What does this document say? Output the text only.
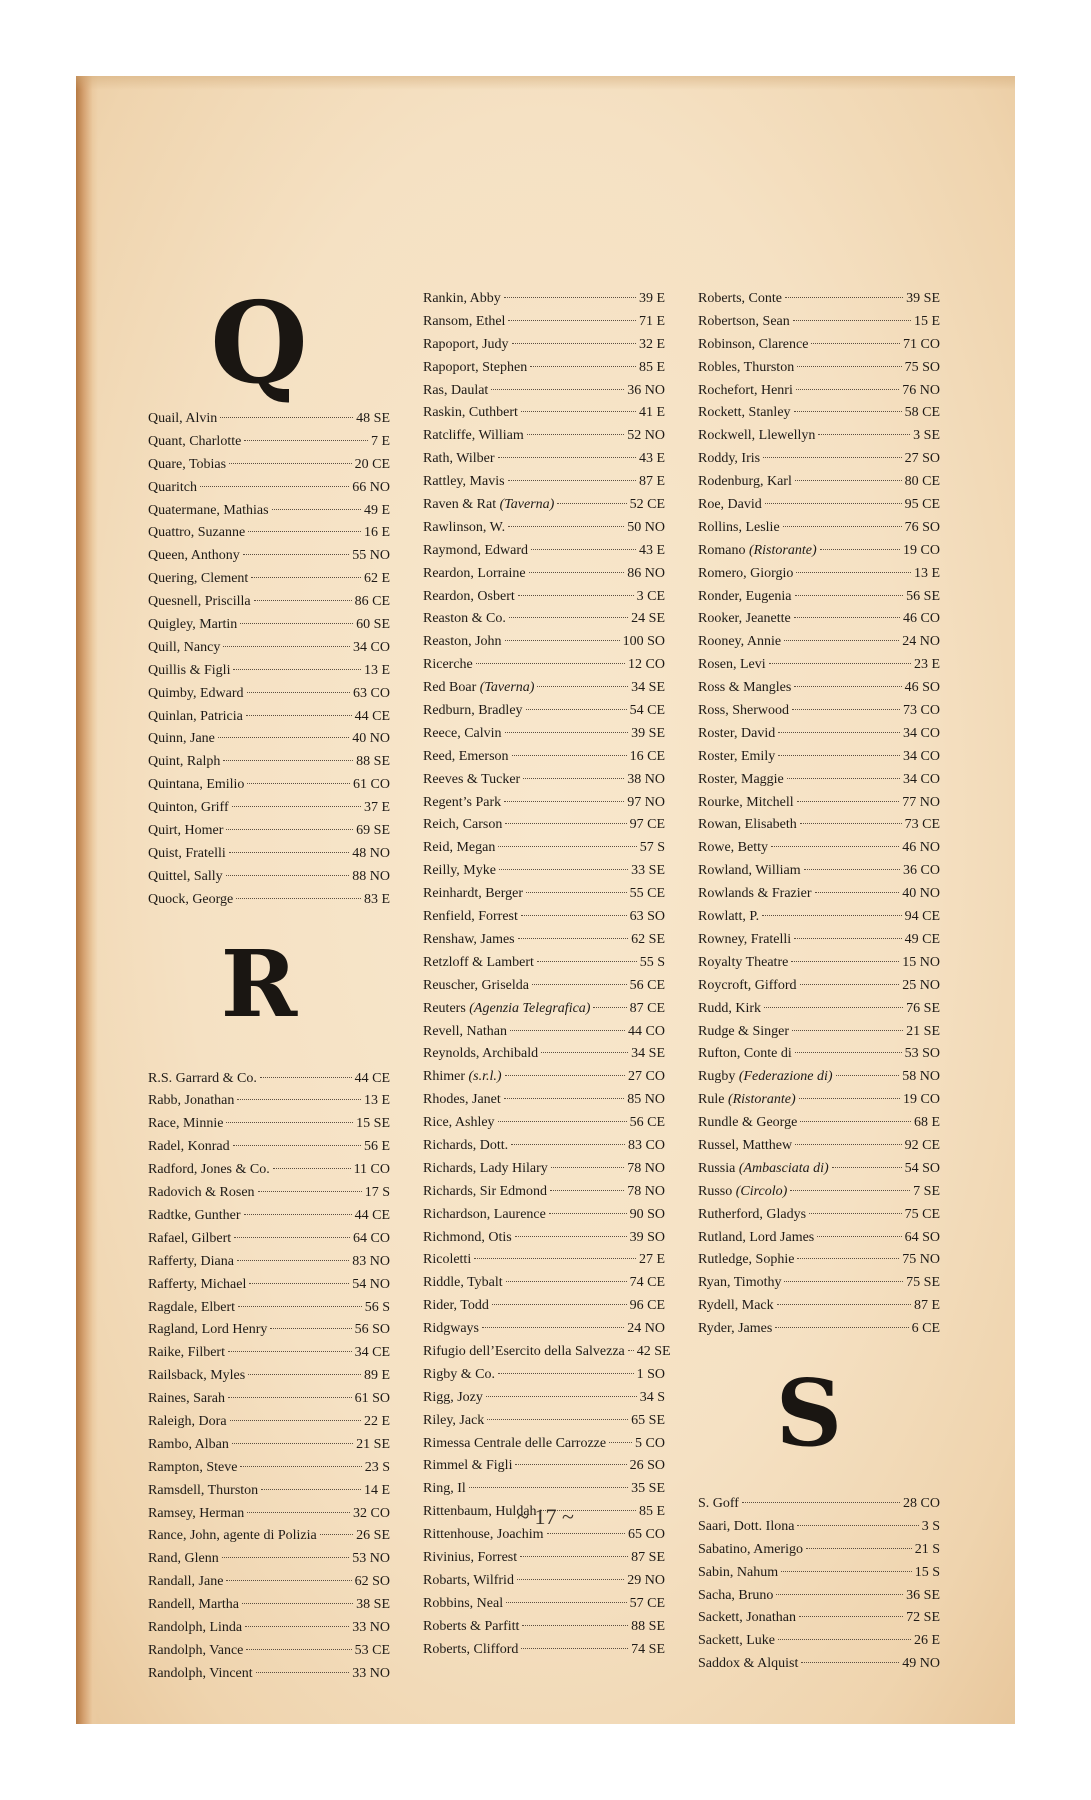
Q
Quail, Alvin	48 SE
Quant, Charlotte	7 E
Quare, Tobias	20 CE
Quaritch	66 NO
Quatermane, Mathias	49 E
Quattro, Suzanne	16 E
Queen, Anthony	55 NO
Quering, Clement	62 E
Quesnell, Priscilla	86 CE
Quigley, Martin	60 SE
Quill, Nancy	34 CO
Quillis & Figli	13 E
Quimby, Edward	63 CO
Quinlan, Patricia	44 CE
Quinn, Jane	40 NO
Quint, Ralph	88 SE
Quintana, Emilio	61 CO
Quinton, Griff	37 E
Quirt, Homer	69 SE
Quist, Fratelli	48 NO
Quittel, Sally	88 NO
Quock, George	83 E
R
R.S. Garrard & Co.	44 CE
Rabb, Jonathan	13 E
Race, Minnie	15 SE
Radel, Konrad	56 E
Radford, Jones & Co.	11 CO
Radovich & Rosen	17 S
Radtke, Gunther	44 CE
Rafael, Gilbert	64 CO
Rafferty, Diana	83 NO
Rafferty, Michael	54 NO
Ragdale, Elbert	56 S
Ragland, Lord Henry	56 SO
Raike, Filbert	34 CE
Railsback, Myles	89 E
Raines, Sarah	61 SO
Raleigh, Dora	22 E
Rambo, Alban	21 SE
Rampton, Steve	23 S
Ramsdell, Thurston	14 E
Ramsey, Herman	32 CO
Rance, John, agente di Polizia	26 SE
Rand, Glenn	53 NO
Randall, Jane	62 SO
Randell, Martha	38 SE
Randolph, Linda	33 NO
Randolph, Vance	53 CE
Randolph, Vincent	33 NO
Rankin, Abby	39 E
Ransom, Ethel	71 E
Rapoport, Judy	32 E
Rapoport, Stephen	85 E
Ras, Daulat	36 NO
Raskin, Cuthbert	41 E
Ratcliffe, William	52 NO
Rath, Wilber	43 E
Rattley, Mavis	87 E
Raven & Rat (Taverna)	52 CE
Rawlinson, W.	50 NO
Raymond, Edward	43 E
Reardon, Lorraine	86 NO
Reardon, Osbert	3 CE
Reaston & Co.	24 SE
Reaston, John	100 SO
Ricerche	12 CO
Red Boar (Taverna)	34 SE
Redburn, Bradley	54 CE
Reece, Calvin	39 SE
Reed, Emerson	16 CE
Reeves & Tucker	38 NO
Regent’s Park	97 NO
Reich, Carson	97 CE
Reid, Megan	57 S
Reilly, Myke	33 SE
Reinhardt, Berger	55 CE
Renfield, Forrest	63 SO
Renshaw, James	62 SE
Retzloff & Lambert	55 S
Reuscher, Griselda	56 CE
Reuters (Agenzia Telegrafica)	87 CE
Revell, Nathan	44 CO
Reynolds, Archibald	34 SE
Rhimer (s.r.l.)	27 CO
Rhodes, Janet	85 NO
Rice, Ashley	56 CE
Richards, Dott.	83 CO
Richards, Lady Hilary	78 NO
Richards, Sir Edmond	78 NO
Richardson, Laurence	90 SO
Richmond, Otis	39 SO
Ricoletti	27 E
Riddle, Tybalt	74 CE
Rider, Todd	96 CE
Ridgways	24 NO
Rifugio dell’Esercito della Salvezza 42 SE
Rigby & Co.	1 SO
Rigg, Jozy	34 S
Riley, Jack	65 SE
Rimessa Centrale delle Carrozze 5 CO
Rimmel & Figli	26 SO
Ring, Il	35 SE
Rittenbaum, Huldah	85 E
Rittenhouse, Joachim	65 CO
Rivinius, Forrest	87 SE
Robarts, Wilfrid	29 NO
Robbins, Neal	57 CE
Roberts & Parfitt	88 SE
Roberts, Clifford	74 SE
Roberts, Conte	39 SE
Robertson, Sean	15 E
Robinson, Clarence	71 CO
Robles, Thurston	75 SO
Rochefort, Henri	76 NO
Rockett, Stanley	58 CE
Rockwell, Llewellyn	3 SE
Roddy, Iris	27 SO
Rodenburg, Karl	80 CE
Roe, David	95 CE
Rollins, Leslie	76 SO
Romano (Ristorante)	19 CO
Romero, Giorgio	13 E
Ronder, Eugenia	56 SE
Rooker, Jeanette	46 CO
Rooney, Annie	24 NO
Rosen, Levi	23 E
Ross & Mangles	46 SO
Ross, Sherwood	73 CO
Roster, David	34 CO
Roster, Emily	34 CO
Roster, Maggie	34 CO
Rourke, Mitchell	77 NO
Rowan, Elisabeth	73 CE
Rowe, Betty	46 NO
Rowland, William	36 CO
Rowlands & Frazier	40 NO
Rowlatt, P.	94 CE
Rowney, Fratelli	49 CE
Royalty Theatre	15 NO
Roycroft, Gifford	25 NO
Rudd, Kirk	76 SE
Rudge & Singer	21 SE
Rufton, Conte di	53 SO
Rugby (Federazione di)	58 NO
Rule (Ristorante)	19 CO
Rundle & George	68 E
Russel, Matthew	92 CE
Russia (Ambasciata di)	54 SO
Russo (Circolo)	7 SE
Rutherford, Gladys	75 CE
Rutland, Lord James	64 SO
Rutledge, Sophie	75 NO
Ryan, Timothy	75 SE
Rydell, Mack	87 E
Ryder, James	6 CE
S
S. Goff	28 CO
Saari, Dott. Ilona	3 S
Sabatino, Amerigo	21 S
Sabin, Nahum	15 S
Sacha, Bruno	36 SE
Sackett, Jonathan	72 SE
Sackett, Luke	26 E
Saddox & Alquist	49 NO
~ 17 ~
